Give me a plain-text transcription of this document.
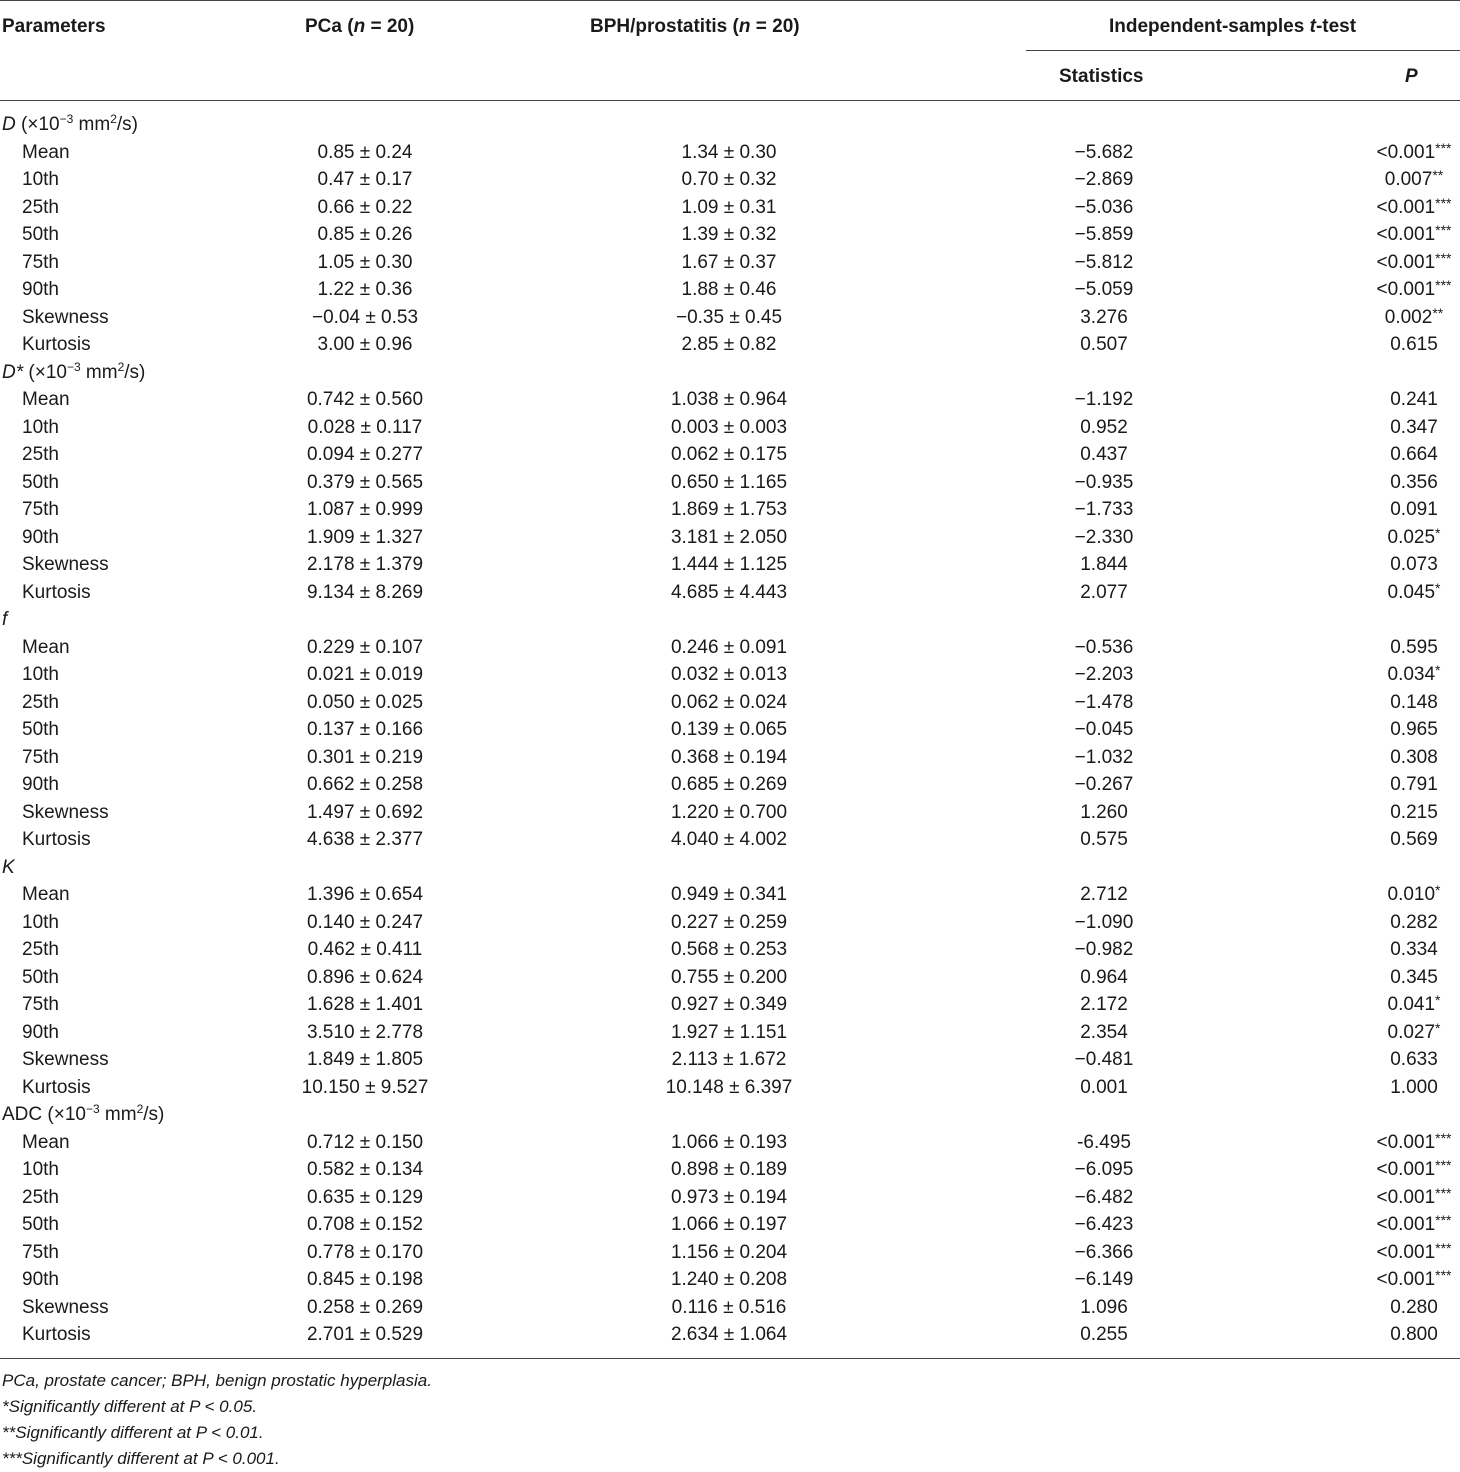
Parameters	PCa (n = 20)	BPH/prostatitis (n = 20)	Independent-samples t-test
Statistics	P
D ($\times 10^{-3}$ $mm^2/s$)
Mean	0.85 ± 0.24	1.34 ± 0.30	−5.682	<0.001***
10th	0.47 ± 0.17	0.70 ± 0.32	−2.869	0.007**
25th	0.66 ± 0.22	1.09 ± 0.31	−5.036	<0.001***
50th	0.85 ± 0.26	1.39 ± 0.32	−5.859	<0.001***
75th	1.05 ± 0.30	1.67 ± 0.37	−5.812	<0.001***
90th	1.22 ± 0.36	1.88 ± 0.46	−5.059	<0.001***
Skewness	−0.04 ± 0.53	−0.35 ± 0.45	3.276	0.002**
Kurtosis	3.00 ± 0.96	2.85 ± 0.82	0.507	0.615
D* ($\times 10^{-3}$ $mm^2/s$)
Mean	0.742 ± 0.560	1.038 ± 0.964	−1.192	0.241
10th	0.028 ± 0.117	0.003 ± 0.003	0.952	0.347
25th	0.094 ± 0.277	0.062 ± 0.175	0.437	0.664
50th	0.379 ± 0.565	0.650 ± 1.165	−0.935	0.356
75th	1.087 ± 0.999	1.869 ± 1.753	−1.733	0.091
90th	1.909 ± 1.327	3.181 ± 2.050	−2.330	0.025*
Skewness	2.178 ± 1.379	1.444 ± 1.125	1.844	0.073
Kurtosis	9.134 ± 8.269	4.685 ± 4.443	2.077	0.045*
f
Mean	0.229 ± 0.107	0.246 ± 0.091	−0.536	0.595
10th	0.021 ± 0.019	0.032 ± 0.013	−2.203	0.034*
25th	0.050 ± 0.025	0.062 ± 0.024	−1.478	0.148
50th	0.137 ± 0.166	0.139 ± 0.065	−0.045	0.965
75th	0.301 ± 0.219	0.368 ± 0.194	−1.032	0.308
90th	0.662 ± 0.258	0.685 ± 0.269	−0.267	0.791
Skewness	1.497 ± 0.692	1.220 ± 0.700	1.260	0.215
Kurtosis	4.638 ± 2.377	4.040 ± 4.002	0.575	0.569
K
Mean	1.396 ± 0.654	0.949 ± 0.341	2.712	0.010*
10th	0.140 ± 0.247	0.227 ± 0.259	−1.090	0.282
25th	0.462 ± 0.411	0.568 ± 0.253	−0.982	0.334
50th	0.896 ± 0.624	0.755 ± 0.200	0.964	0.345
75th	1.628 ± 1.401	0.927 ± 0.349	2.172	0.041*
90th	3.510 ± 2.778	1.927 ± 1.151	2.354	0.027*
Skewness	1.849 ± 1.805	2.113 ± 1.672	−0.481	0.633
Kurtosis	10.150 ± 9.527	10.148 ± 6.397	0.001	1.000
ADC ($\times 10^{-3}$ $mm^2/s$)
Mean	0.712 ± 0.150	1.066 ± 0.193	-6.495	<0.001***
10th	0.582 ± 0.134	0.898 ± 0.189	−6.095	<0.001***
25th	0.635 ± 0.129	0.973 ± 0.194	−6.482	<0.001***
50th	0.708 ± 0.152	1.066 ± 0.197	−6.423	<0.001***
75th	0.778 ± 0.170	1.156 ± 0.204	−6.366	<0.001***
90th	0.845 ± 0.198	1.240 ± 0.208	−6.149	<0.001***
Skewness	0.258 ± 0.269	0.116 ± 0.516	1.096	0.280
Kurtosis	2.701 ± 0.529	2.634 ± 1.064	0.255	0.800
PCa, prostate cancer; BPH, benign prostatic hyperplasia.
*Significantly different at P < 0.05.
**Significantly different at P < 0.01.
***Significantly different at P < 0.001.
